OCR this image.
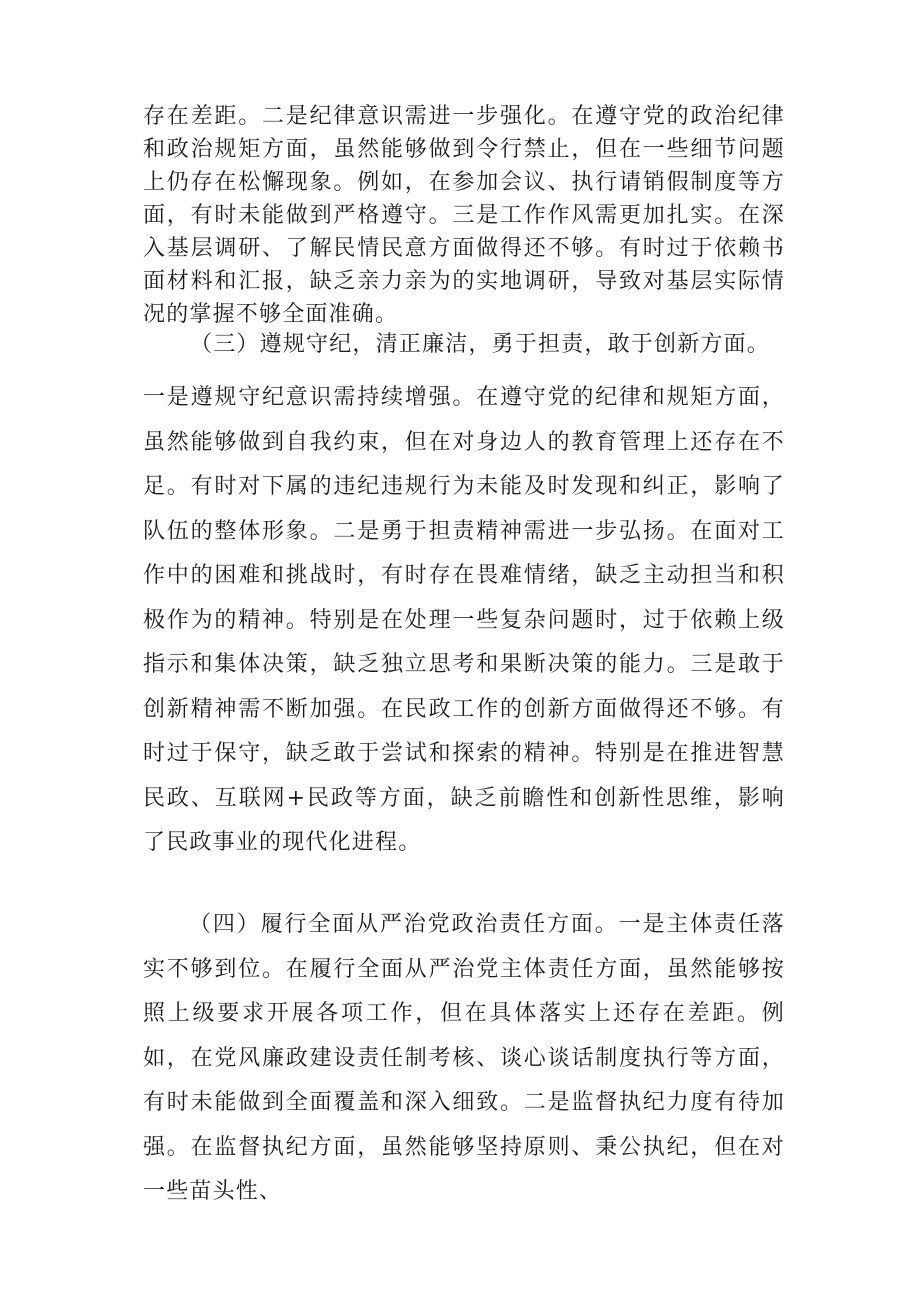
存在差距。二是纪律意识需进一步强化。在遵守党的政治纪律和政治规矩方面，虽然能够做到令行禁止，但在一些细节问题上仍存在松懈现象。例如，在参加会议、执行请销假制度等方面，有时未能做到严格遵守。三是工作作风需更加扎实。在深入基层调研、了解民情民意方面做得还不够。有时过于依赖书面材料和汇报，缺乏亲力亲为的实地调研，导致对基层实际情况的掌握不够全面准确。

（三）遵规守纪，清正廉洁，勇于担责，敢于创新方面。

一是遵规守纪意识需持续增强。在遵守党的纪律和规矩方面，虽然能够做到自我约束，但在对身边人的教育管理上还存在不足。有时对下属的违纪违规行为未能及时发现和纠正，影响了队伍的整体形象。二是勇于担责精神需进一步弘扬。在面对工作中的困难和挑战时，有时存在畏难情绪，缺乏主动担当和积极作为的精神。特别是在处理一些复杂问题时，过于依赖上级指示和集体决策，缺乏独立思考和果断决策的能力。三是敢于创新精神需不断加强。在民政工作的创新方面做得还不够。有时过于保守，缺乏敢于尝试和探索的精神。特别是在推进智慧民政、互联网+民政等方面，缺乏前瞻性和创新性思维，影响了民政事业的现代化进程。

（四）履行全面从严治党政治责任方面。一是主体责任落实不够到位。在履行全面从严治党主体责任方面，虽然能够按照上级要求开展各项工作，但在具体落实上还存在差距。例如，在党风廉政建设责任制考核、谈心谈话制度执行等方面，有时未能做到全面覆盖和深入细致。二是监督执纪力度有待加强。在监督执纪方面，虽然能够坚持原则、秉公执纪，但在对一些苗头性、
